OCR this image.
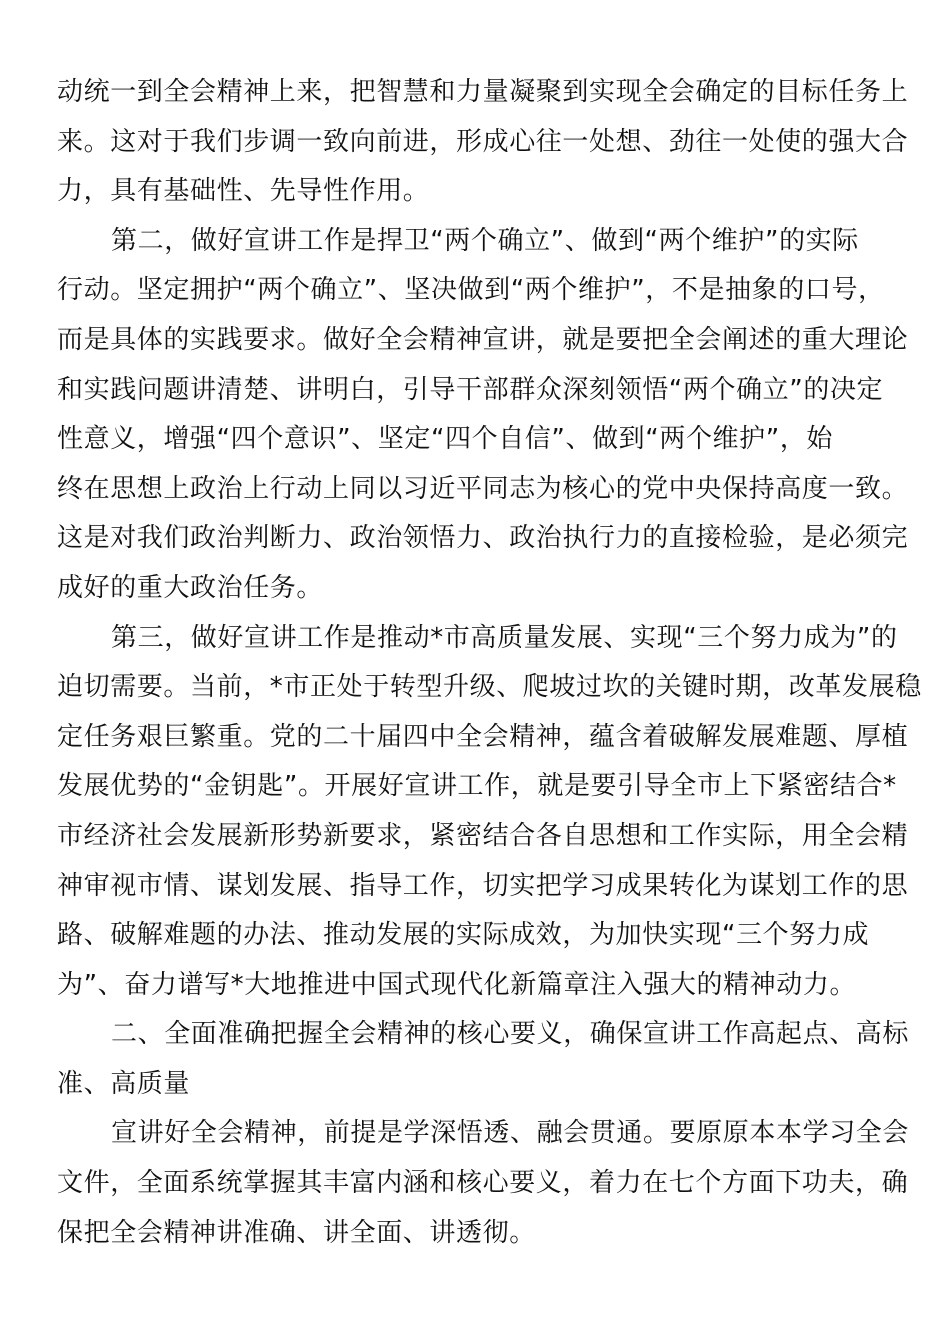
动统一到全会精神上来，把智慧和力量凝聚到实现全会确定的目标任务上
来。这对于我们步调一致向前进，形成心往一处想、劲往一处使的强大合
力，具有基础性、先导性作用。
第二，做好宣讲工作是捍卫“两个确立”、做到“两个维护”的实际
行动。坚定拥护“两个确立”、坚决做到“两个维护”，不是抽象的口号，
而是具体的实践要求。做好全会精神宣讲，就是要把全会阐述的重大理论
和实践问题讲清楚、讲明白，引导干部群众深刻领悟“两个确立”的决定
性意义，增强“四个意识”、坚定“四个自信”、做到“两个维护”，始
终在思想上政治上行动上同以习近平同志为核心的党中央保持高度一致。
这是对我们政治判断力、政治领悟力、政治执行力的直接检验，是必须完
成好的重大政治任务。
第三，做好宣讲工作是推动*市高质量发展、实现“三个努力成为”的
迫切需要。当前，*市正处于转型升级、爬坡过坎的关键时期，改革发展稳
定任务艰巨繁重。党的二十届四中全会精神，蕴含着破解发展难题、厚植
发展优势的“金钥匙”。开展好宣讲工作，就是要引导全市上下紧密结合*
市经济社会发展新形势新要求，紧密结合各自思想和工作实际，用全会精
神审视市情、谋划发展、指导工作，切实把学习成果转化为谋划工作的思
路、破解难题的办法、推动发展的实际成效，为加快实现“三个努力成
为”、奋力谱写*大地推进中国式现代化新篇章注入强大的精神动力。
二、全面准确把握全会精神的核心要义，确保宣讲工作高起点、高标
准、高质量
宣讲好全会精神，前提是学深悟透、融会贯通。要原原本本学习全会
文件，全面系统掌握其丰富内涵和核心要义，着力在七个方面下功夫，确
保把全会精神讲准确、讲全面、讲透彻。
